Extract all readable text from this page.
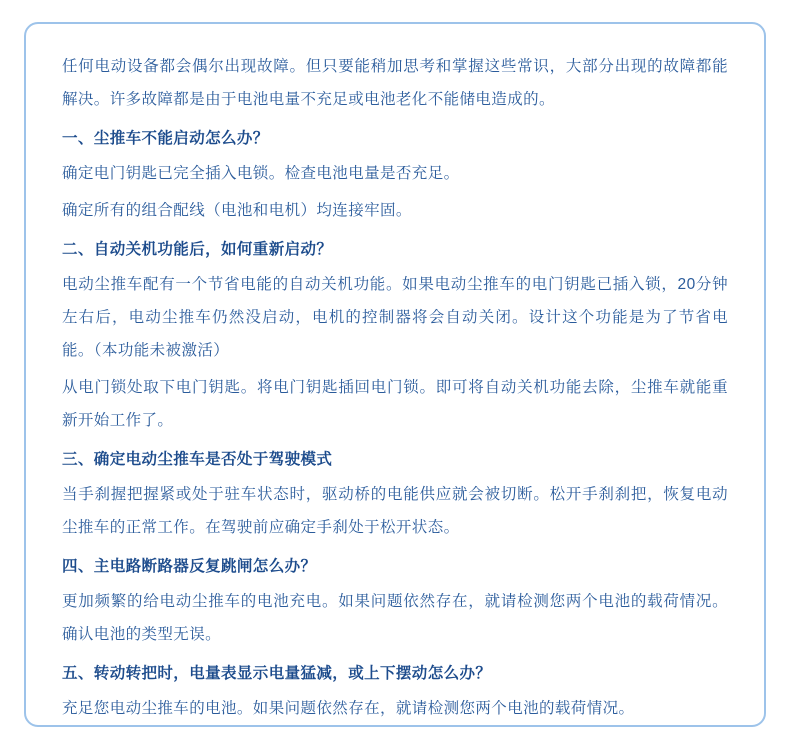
任何电动设备都会偶尔出现故障。但只要能稍加思考和掌握这些常识，大部分出现的故障都能解决。许多故障都是由于电池电量不充足或电池老化不能储电造成的。

一、尘推车不能启动怎么办？

确定电门钥匙已完全插入电锁。检查电池电量是否充足。

确定所有的组合配线（电池和电机）均连接牢固。

二、自动关机功能后，如何重新启动？

电动尘推车配有一个节省电能的自动关机功能。如果电动尘推车的电门钥匙已插入锁，20分钟左右后，电动尘推车仍然没启动，电机的控制器将会自动关闭。设计这个功能是为了节省电能。（本功能未被激活）

从电门锁处取下电门钥匙。将电门钥匙插回电门锁。即可将自动关机功能去除，尘推车就能重新开始工作了。

三、确定电动尘推车是否处于驾驶模式

当手刹握把握紧或处于驻车状态时，驱动桥的电能供应就会被切断。松开手刹刹把，恢复电动尘推车的正常工作。在驾驶前应确定手刹处于松开状态。

四、主电路断路器反复跳闸怎么办？

更加频繁的给电动尘推车的电池充电。如果问题依然存在，就请检测您两个电池的载荷情况。确认电池的类型无误。

五、转动转把时，电量表显示电量猛减，或上下摆动怎么办？

充足您电动尘推车的电池。如果问题依然存在，就请检测您两个电池的载荷情况。
